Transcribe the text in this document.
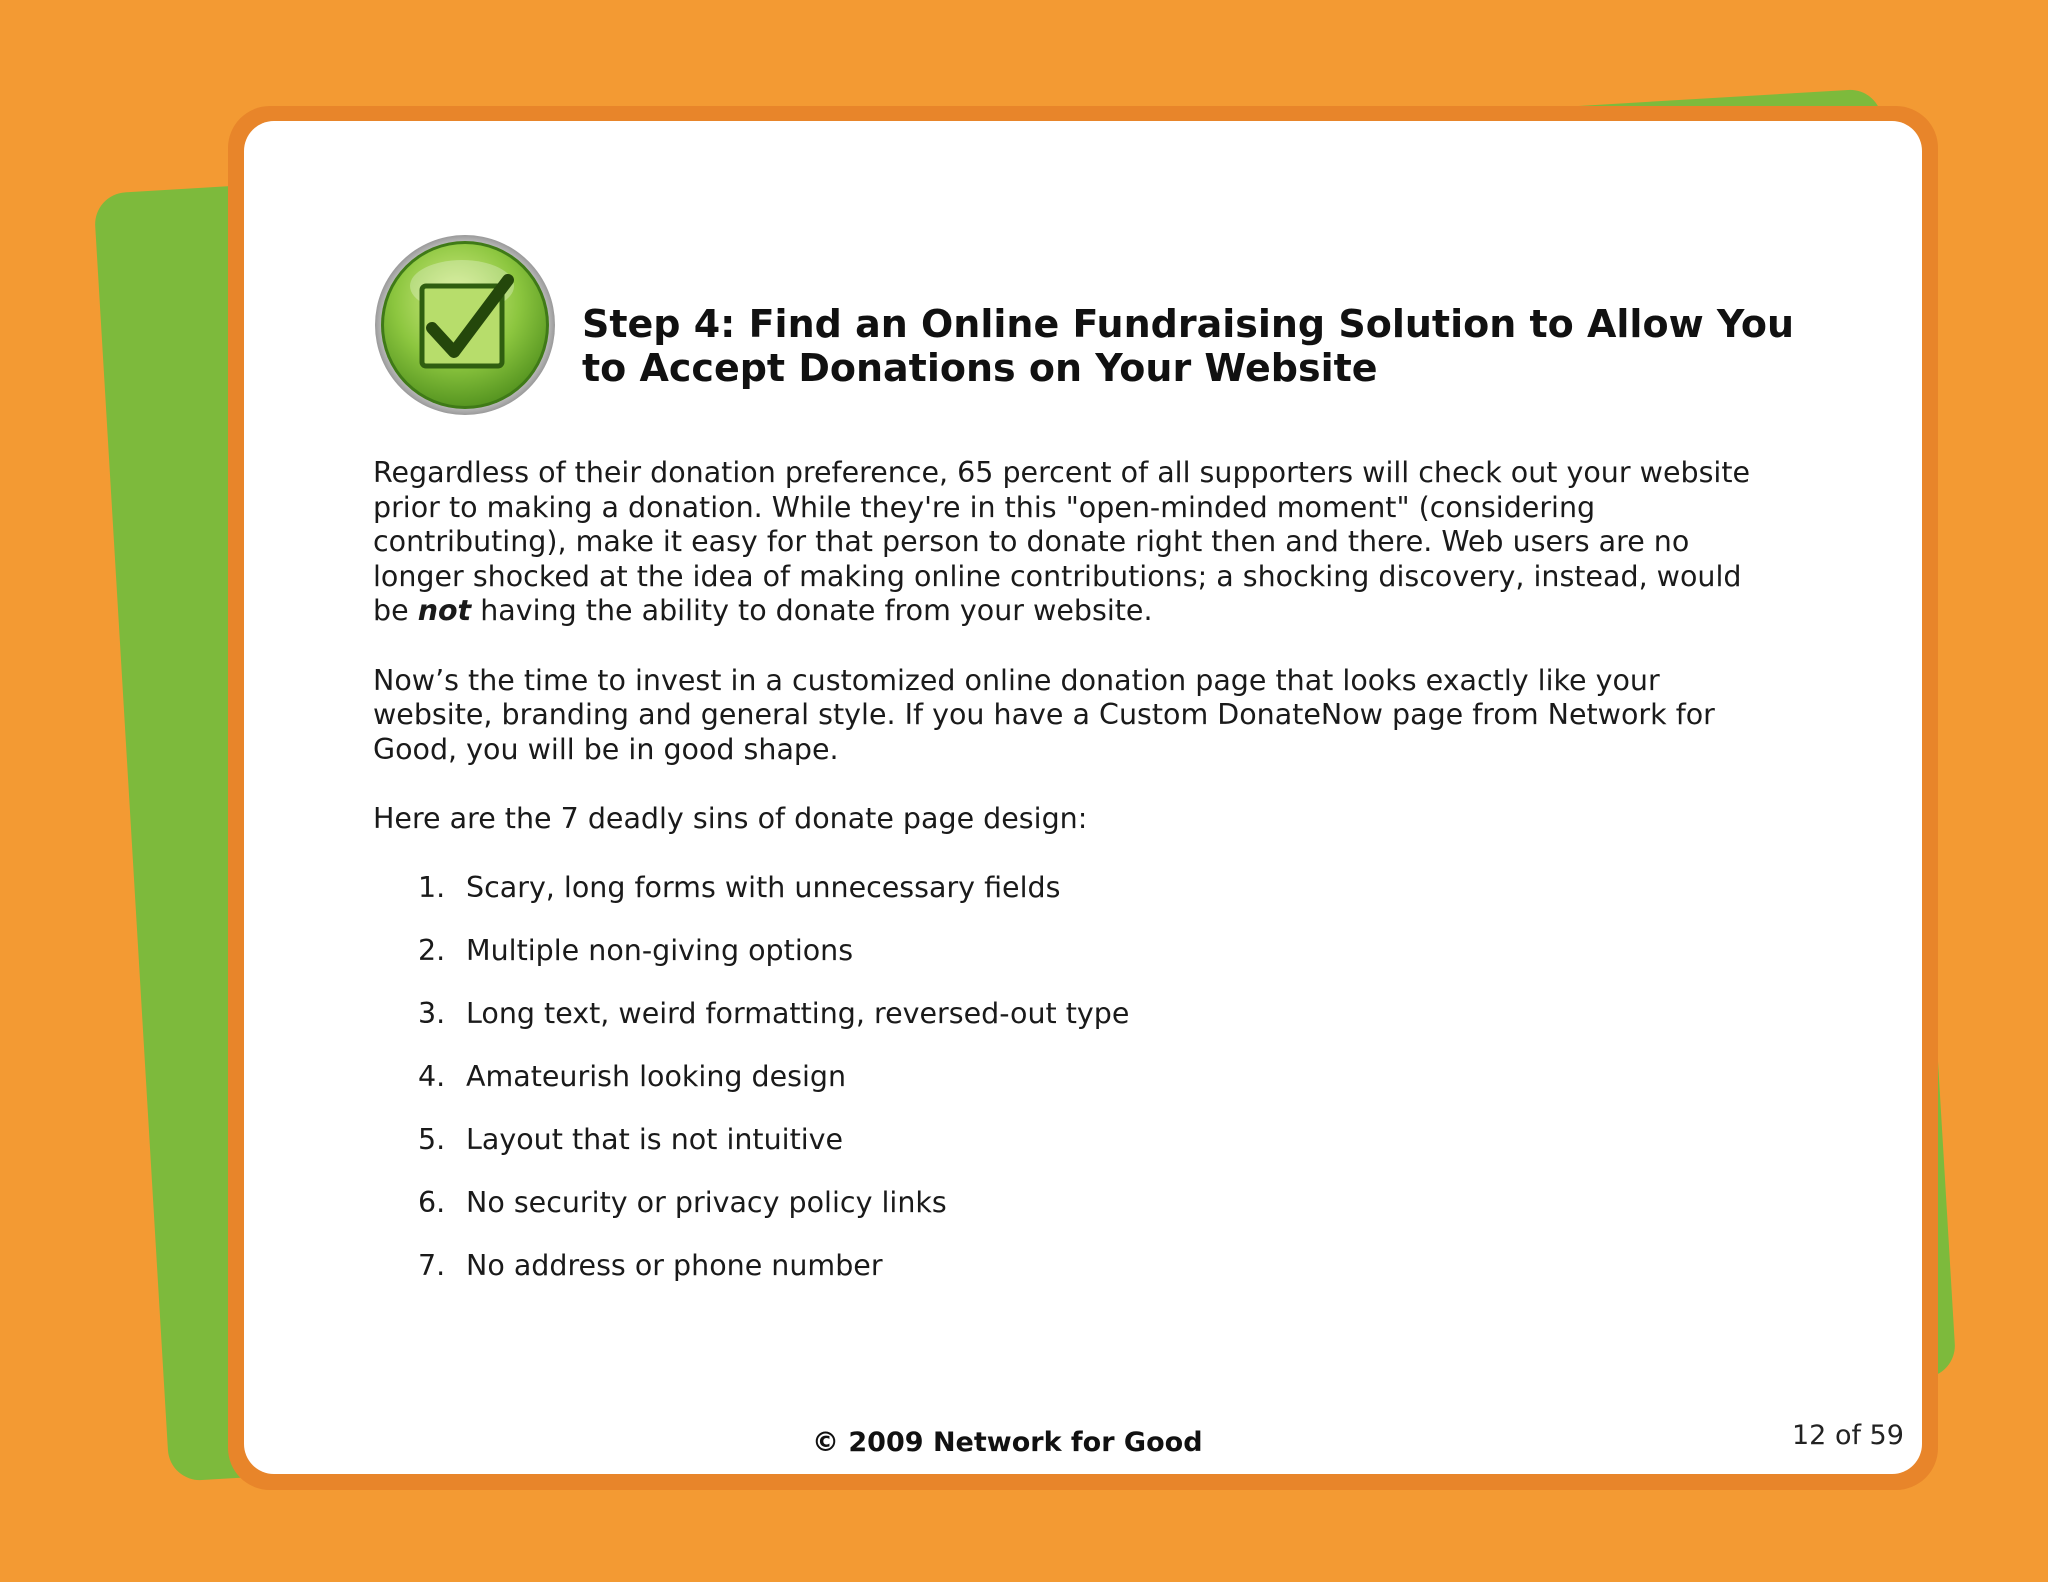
Step 4: Find an Online Fundraising Solution to Allow You
to Accept Donations on Your Website

Regardless of their donation preference, 65 percent of all supporters will check out your website
prior to making a donation. While they're in this "open-minded moment" (considering
contributing), make it easy for that person to donate right then and there. Web users are no
longer shocked at the idea of making online contributions; a shocking discovery, instead, would
be not having the ability to donate from your website.

Now’s the time to invest in a customized online donation page that looks exactly like your
website, branding and general style. If you have a Custom DonateNow page from Network for
Good, you will be in good shape.

Here are the 7 deadly sins of donate page design:

1. Scary, long forms with unnecessary fields
2. Multiple non-giving options
3. Long text, weird formatting, reversed-out type
4. Amateurish looking design
5. Layout that is not intuitive
6. No security or privacy policy links
7. No address or phone number
© 2009 Network for Good	12 of 59
